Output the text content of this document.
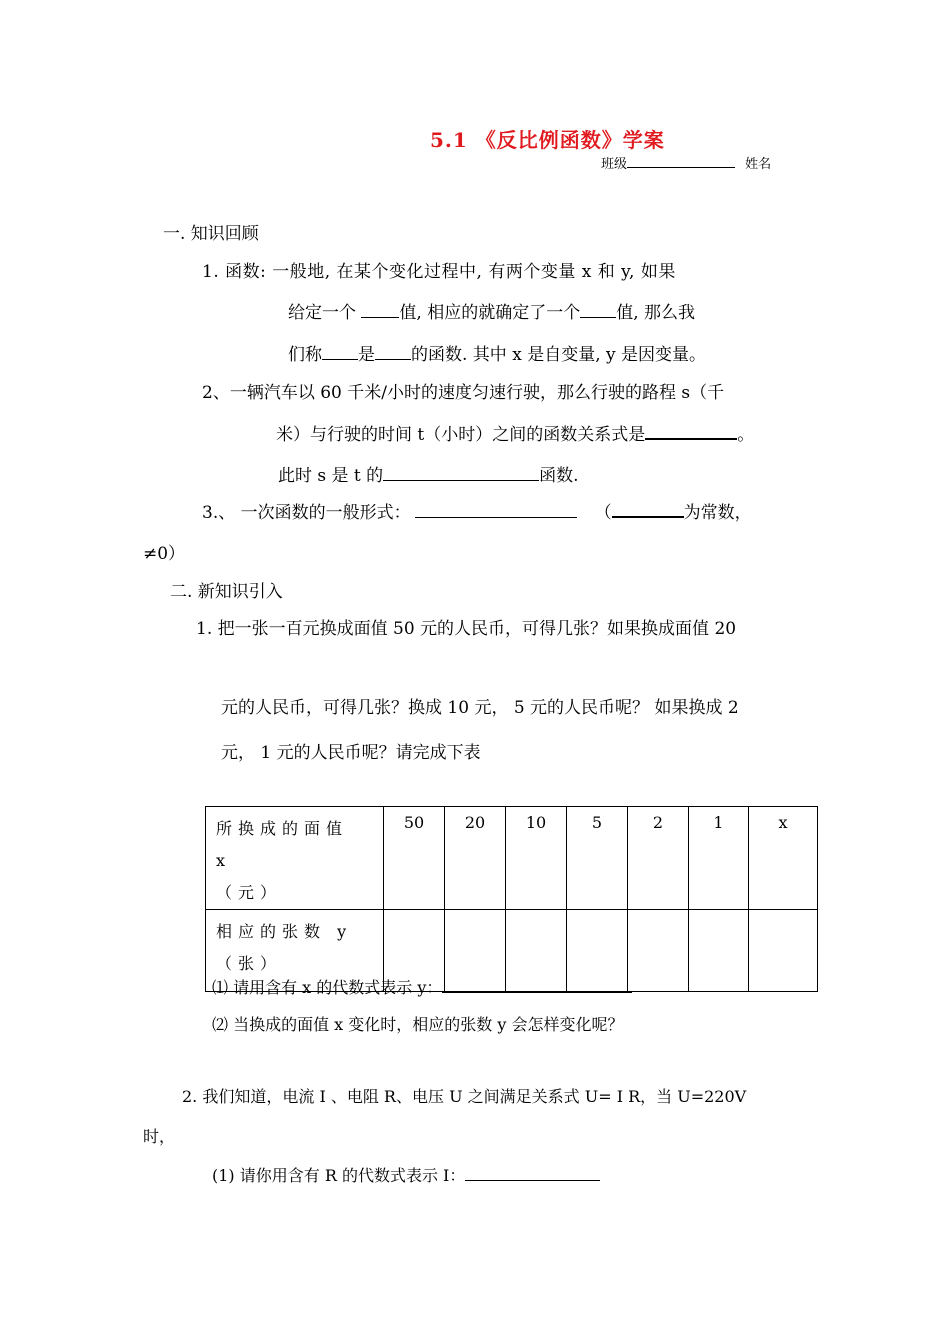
5.1 《反比例函数》学案
班级	姓名
一. 知识回顾
1. 函数: 一般地, 在某个变化过程中, 有两个变量 x 和 y, 如果
给定一个 值, 相应的就确定了一个 值, 那么我
们称 是 的函数. 其中 x 是自变量, y 是因变量。
2、一辆汽车以 60 千米/小时的速度匀速行驶，那么行驶的路程 s（千
米）与行驶的时间 t（小时）之间的函数关系式是	。
此时 s 是 t 的	函数.
3.、 一次函数的一般形式：	（	为常数，
≠0）
二. 新知识引入
1. 把一张一百元换成面值 50 元的人民币，可得几张？如果换成面值 20
元的人民币，可得几张？换成 10 元， 5 元的人民币呢？ 如果换成 2
元， 1 元的人民币呢？请完成下表
所换成的面值 x
（元）	50	20	10	5	2	1	x

相应的张数 y
（张）							

⑴ 请用含有 x 的代数式表示 y：
⑵ 当换成的面值 x 变化时，相应的张数 y 会怎样变化呢？
2. 我们知道，电流 I 、电阻 R、电压 U 之间满足关系式 U= I R，当 U=220V
时，
(1) 请你用含有 R 的代数式表示 I：
